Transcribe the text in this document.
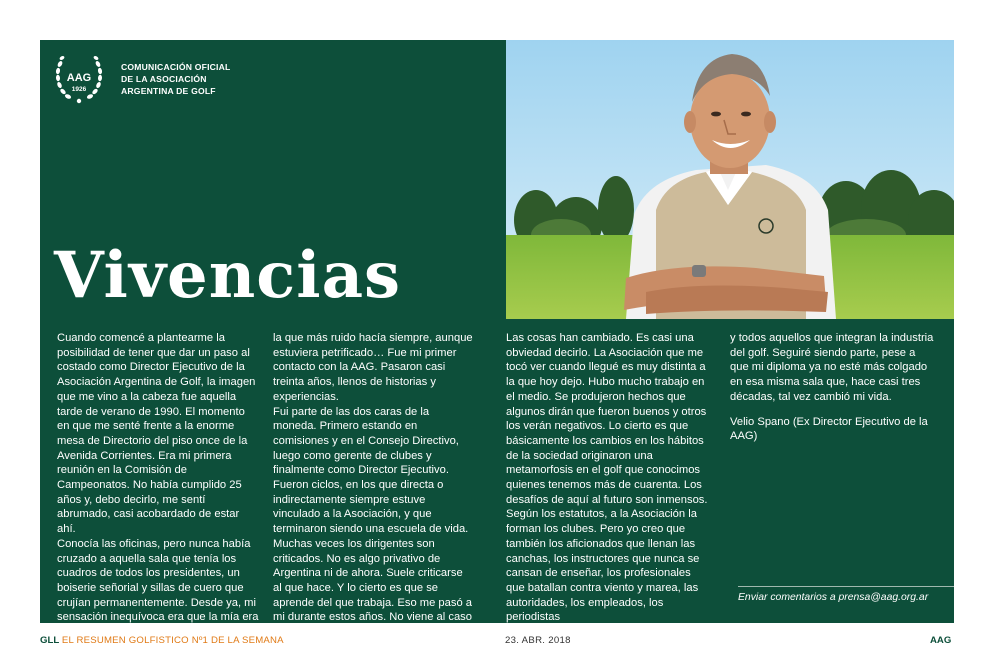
AAG
1926
COMUNICACIÓN OFICIAL
DE LA ASOCIACIÓN
ARGENTINA DE GOLF
Vivencias

Cuando comencé a plantearme la posibilidad de tener que dar un paso al costado como Director Ejecutivo de la Asociación Argentina de Golf, la imagen que me vino a la cabeza fue aquella tarde de verano de 1990. El momento en que me senté frente a la enorme mesa de Directorio del piso once de la Avenida Corrientes. Era mi primera reunión en la Comisión de Campeonatos. No había cumplido 25 años y, debo decirlo, me sentí abrumado, casi acobardado de estar ahí.

Conocía las oficinas, pero nunca había cruzado a aquella sala que tenía los cuadros de todos los presidentes, un boiserie señorial y sillas de cuero que crujían permanentemente. Desde ya, mi sensación inequívoca era que la mía era

la que más ruido hacía siempre, aunque estuviera petrificado… Fue mi primer contacto con la AAG. Pasaron casi treinta años, llenos de historias y experiencias.

Fui parte de las dos caras de la moneda. Primero estando en comisiones y en el Consejo Directivo, luego como gerente de clubes y finalmente como Director Ejecutivo.

Fueron ciclos, en los que directa o indirectamente siempre estuve vinculado a la Asociación, y que terminaron siendo una escuela de vida. Muchas veces los dirigentes son criticados. No es algo privativo de Argentina ni de ahora. Suele criticarse al que hace. Y lo cierto es que se aprende del que trabaja. Eso me pasó a mi durante estos años. No viene al caso nombrar quiénes fueron mis modelos. Les diría que fueron todos, con sus virtudes y sus defectos.

Las cosas han cambiado. Es casi una obviedad decirlo. La Asociación que me tocó ver cuando llegué es muy distinta a la que hoy dejo. Hubo mucho trabajo en el medio. Se produjeron hechos que algunos dirán que fueron buenos y otros los verán negativos. Lo cierto es que básicamente los cambios en los hábitos de la sociedad originaron una metamorfosis en el golf que conocimos quienes tenemos más de cuarenta. Los desafíos de aquí al futuro son inmensos.

Según los estatutos, a la Asociación la forman los clubes. Pero yo creo que también los aficionados que llenan las canchas, los instructores que nunca se cansan de enseñar, los profesionales que batallan contra viento y marea, las autoridades, los empleados, los periodistas

y todos aquellos que integran la industria del golf. Seguiré siendo parte, pese a que mi diploma ya no esté más colgado en esa misma sala que, hace casi tres décadas, tal vez cambió mi vida.

Velio Spano (Ex Director Ejecutivo de la AAG)

Enviar comentarios a prensa@aag.org.ar
GLL EL RESUMEN GOLFISTICO Nº1 DE LA SEMANA	23. ABR. 2018	AAG
